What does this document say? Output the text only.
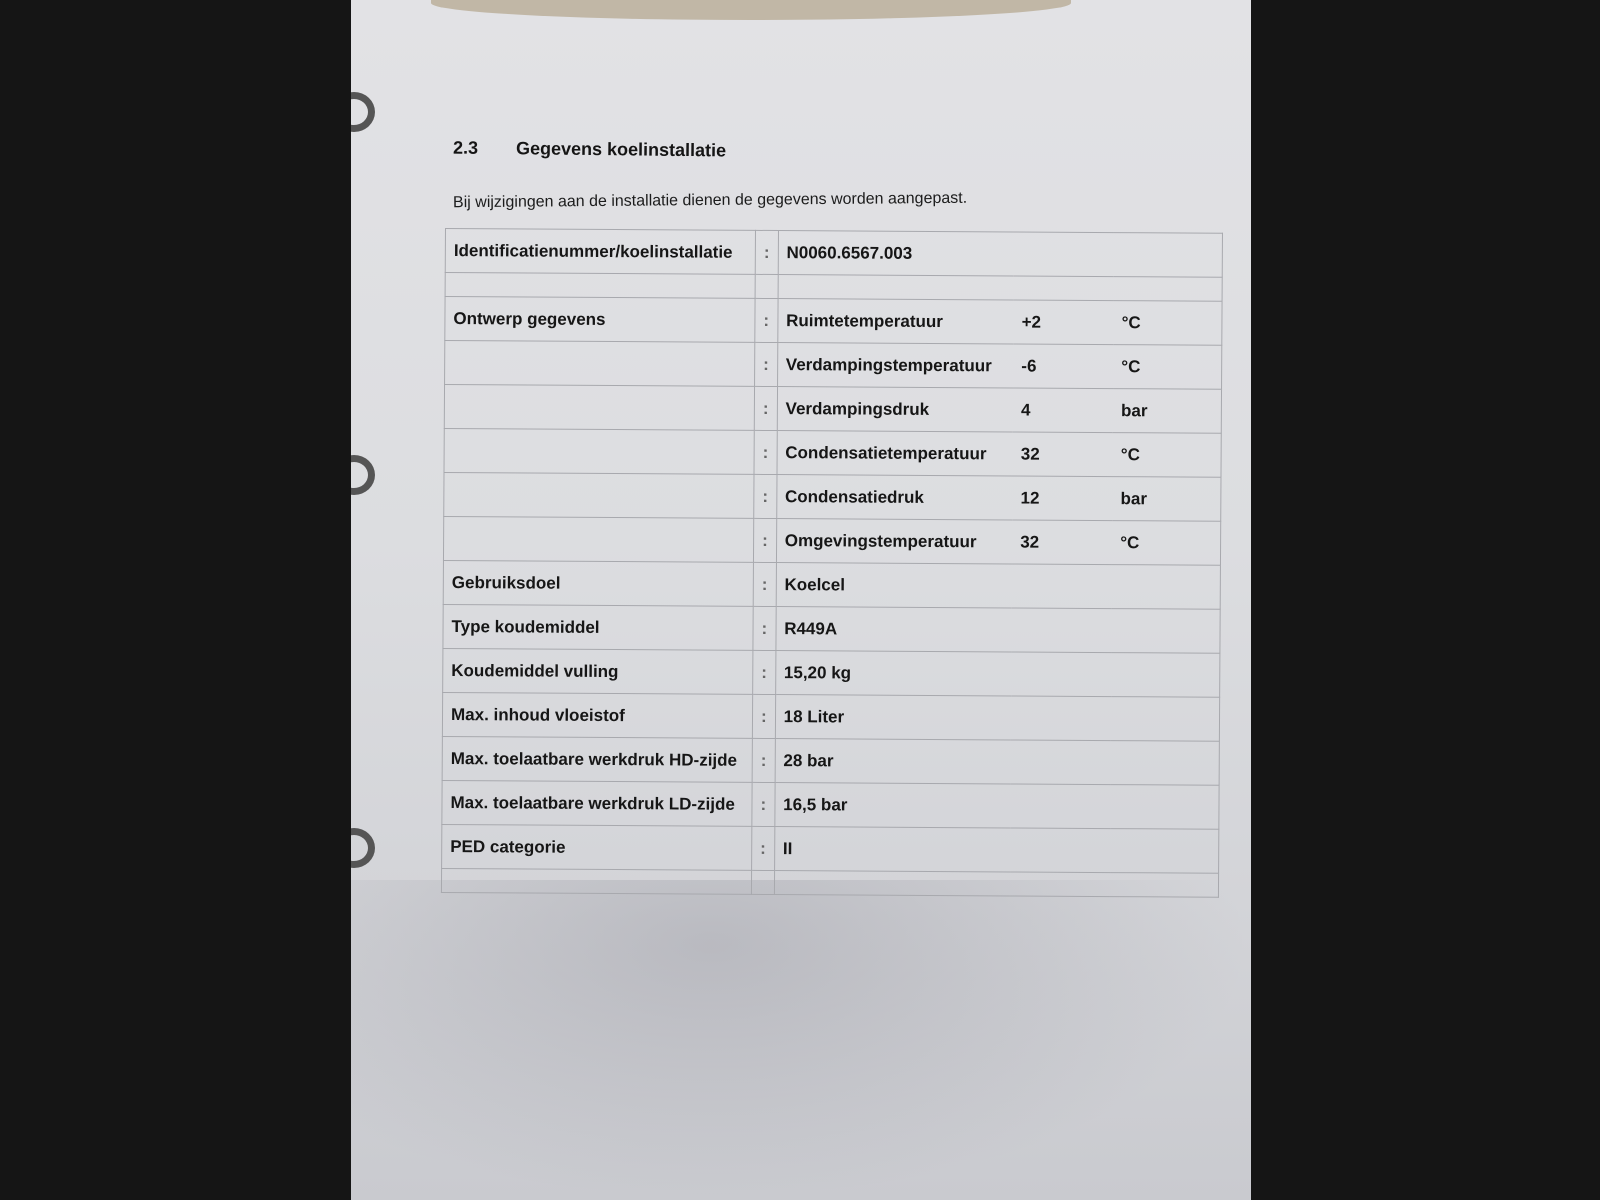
2.3 Gegevens koelinstallatie
Bij wijzigingen aan de installatie dienen de gegevens worden aangepast.
Identificatienummer/koelinstallatie	:	N0060.6567.003		

Ontwerp gegevens	:	Ruimtetemperatuur	+2	°C
	:	Verdampingstemperatuur	-6	°C
	:	Verdampingsdruk	4	bar
	:	Condensatietemperatuur	32	°C
	:	Condensatiedruk	12	bar
	:	Omgevingstemperatuur	32	°C
Gebruiksdoel	:	Koelcel		
Type koudemiddel	:	R449A		
Koudemiddel vulling	:	15,20 kg		
Max. inhoud vloeistof	:	18 Liter		
Max. toelaatbare werkdruk HD-zijde	:	28 bar		
Max. toelaatbare werkdruk LD-zijde	:	16,5 bar		
PED categorie	:	II		
